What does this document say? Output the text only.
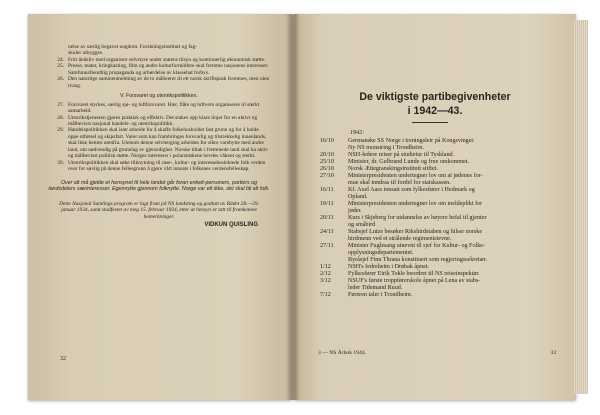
nelse av særlig begavet ungdom. Forskningsinstitutt og fag-
skoler utbygges.
24. Fritt åndsliv med organisert selvstyre under statens tilsyn og kontinuerlig økonomisk støtte.
25. Presse, teater, kringkasting, film og andre kulturformidlere skal fremme nasjonens interesser. Samfunnsfiendtlig propaganda og urbørdelse av klassehat forbys.
26. Den naturlige sammenmelming av de to målleerer til ett norsk skriftsprak fremmes, men uten tvang.
V. Forsvaret og utenrikspolitikken.
27. Forsvaret styrkes, særlig sjø- og luftforsvaret. Hær, flåte og luftvern organiseres til sterkt samarbeid.
28. Utenrikstjenesten gjøres praktisk og effektiv. Det stakes opp klare linjer for en aktivt og målbevisst nasjonal handels- og utenrikspolitikk.
29. Handelspolitikken skal især arbeide for å skaffe folkehusholdet fast grunn og for å holde oppe utførsel og skipsfart. Varer som kan frambringes forsvarlig og tilstrekkelig innenlands, skal ikke hentes utenfra. Utenom denne selvberging arbeides for sikre varebytte med andre land, om nødvendig på grunnlag av gjensidighet. Norske tiltak i fremmede land skal ha aktiv og målbevisst politisk støtte. Norges interesser i polarstrøkene hevdes våkent og sterkt.
30. Utenrikspolitikken skal søke tilknytning til rase-, kultur- og interessebeslektede folk verden over for søvlig på denne fellesgrunn å gjøre vårt innsats i folkenes verdensfelleskap.
Over alt må gjelde et hensynet til hele landet går foran enkelt-personers, partiers og landsdelers særinteresser. Egennytte gjennom folknytte. Norge var ett ikke, det skal bli alt folk.
Dette Nasjonal Samlings program er lagt fram på NS landsting og godtatt av Rådet 28.—29. januar 1934, samt stadfestet av meg 15. februar 1934, etter at hensyn er tatt til framkomne bemerkninger.
VIDKUN QUISLING
32
De viktigste partibegivenheter
i 1942—43.
1942:
16/10	Germanske SS Norge i treningsleir på Kongsvinger.
Ny NS monstring i Trondheim.
20/10	NSH-ledere reiser på studietur til Tyskland.
25/10	Minister, dr. Gulbrand Lunde og frue omkommet.
26/10	Norsk Ættegranskingsinstitutt stiftet.
27/10	Ministerpresidenten undertegner lov om at jødenes for-
mue skal inndras til fordel for statskassen.
16/11	Kf. Axel Aass innsatt som fylkesfører i Hedmark og
Opland.
19/11	Ministerpresidenten undertegner lov om meldeplikt for
jøder.
20/11	Kurs i Skjeberg for utdannelse av høyere befal til gjenter
og småbird
24/11	Stabsjef Lutze besøker Rikshirdstaben og hilser norske
hirdmenn ved et strålende regimentstevne.
27/11	Minister Fuglesang utnevnt til sjef for Kultur- og Folke-
opplysningsdepartementet.
Byråsjef Finn Thrana konstituert som regjeringssekretær.
1/12	NSH's fedreheim i Drøbak åpnet.
2/12	Fylkesfører Eirik Tokle beordret til NS reiseinspektør.
3/12	NSUF's første troppførerskole åpnet på Lena av stabs-
leder Tidemand Ruud.
7/12	Føreren taler i Trondheim.
3 — NS Årbok 1944.	33
